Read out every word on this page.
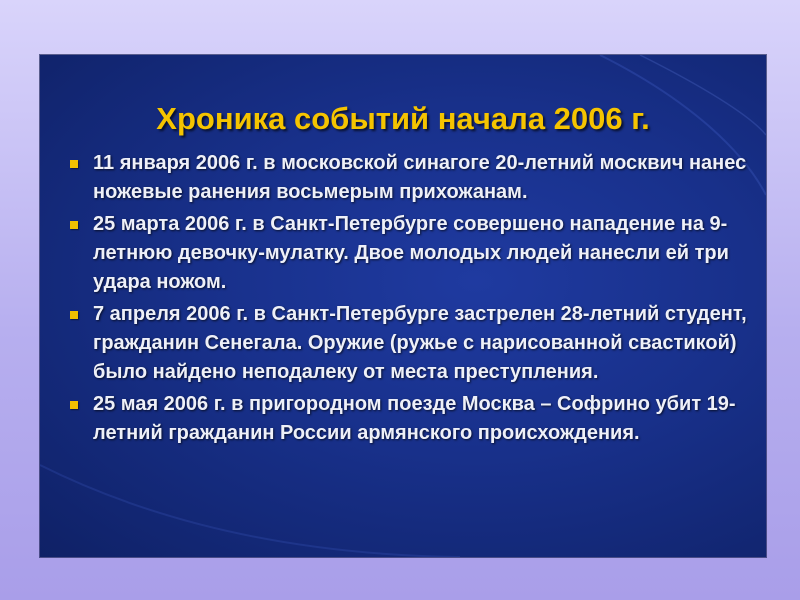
Хроника событий начала 2006 г.
11 января 2006 г. в московской синагоге 20-летний москвич нанес ножевые ранения восьмерым прихожанам.
25 марта 2006 г. в Санкт-Петербурге совершено нападение на 9-летнюю девочку-мулатку. Двое молодых людей нанесли ей три удара ножом.
7 апреля 2006 г. в Санкт-Петербурге застрелен 28-летний студент, гражданин Сенегала. Оружие (ружье с нарисованной свастикой) было найдено неподалеку от места преступления.
25 мая 2006 г. в пригородном поезде Москва – Софрино убит 19-летний гражданин России армянского происхождения.
